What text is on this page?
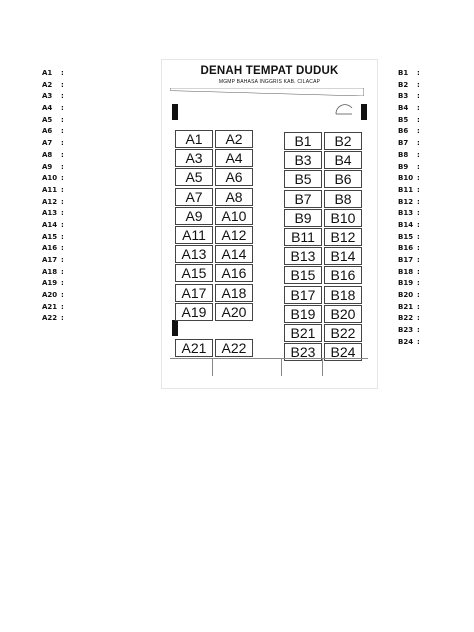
A1	:
A2	:
A3	:
A4	:
A5	:
A6	:
A7	:
A8	:
A9	:
A10 :
A11 :
A12 :
A13 :
A14 :
A15 :
A16 :
A17 :
A18 :
A19 :
A20 :
A21 :
A22 :
B1	:
B2	:
B3	:
B4	:
B5	:
B6	:
B7	:
B8	:
B9	:
B10 :
B11 :
B12 :
B13 :
B14 :
B15 :
B16 :
B17 :
B18 :
B19 :
B20 :
B21 :
B22 :
B23 :
B24 :
DENAH TEMPAT DUDUK
MGMP BAHASA INGGRIS KAB. CILACAP
A1	A2
A3	A4
A5	A6
A7	A8
A9	A10
A11	A12
A13	A14
A15	A16
A17	A18
A19	A20
A21	A22
B1	B2
B3	B4
B5	B6
B7	B8
B9	B10
B11	B12
B13	B14
B15	B16
B17	B18
B19	B20
B21	B22
B23	B24
